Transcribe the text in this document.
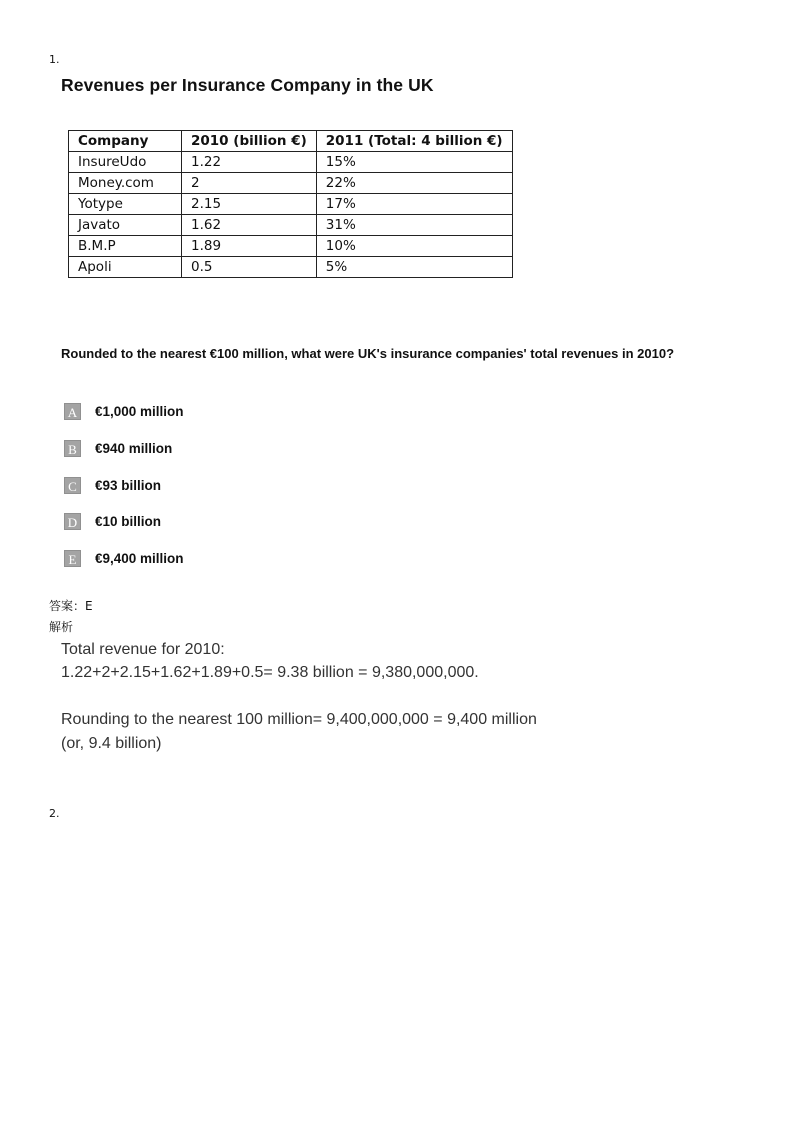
1.
Revenues per Insurance Company in the UK
Company	2010 (billion €)	2011 (Total: 4 billion €)
InsureUdo	1.22	15%
Money.com	2	22%
Yotype	2.15	17%
Javato	1.62	31%
B.M.P	1.89	10%
Apoli	0.5	5%
Rounded to the nearest €100 million, what were UK's insurance companies' total revenues in 2010?
A €1,000 million
B	€940 million
C	€93 billion
D €10 billion
E	€9,400 million
答案：E
解析
Total revenue for 2010:
1.22+2+2.15+1.62+1.89+0.5= 9.38 billion = 9,380,000,000.
Rounding to the nearest 100 million= 9,400,000,000 = 9,400 million
(or, 9.4 billion)
2.
